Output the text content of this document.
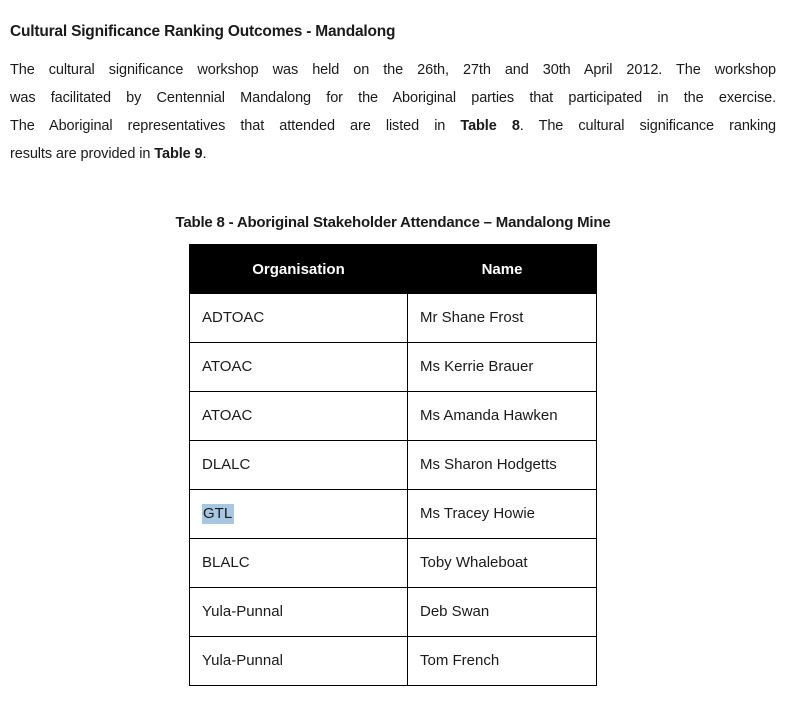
Cultural Significance Ranking Outcomes - Mandalong
The cultural significance workshop was held on the 26th, 27th and 30th April 2012. The workshop
was facilitated by Centennial Mandalong for the Aboriginal parties that participated in the exercise.
The Aboriginal representatives that attended are listed in Table 8. The cultural significance ranking
results are provided in Table 9.
Table 8 - Aboriginal Stakeholder Attendance – Mandalong Mine
Organisation	Name
ADTOAC	Mr Shane Frost
ATOAC	Ms Kerrie Brauer
ATOAC	Ms Amanda Hawken
DLALC	Ms Sharon Hodgetts
GTL	Ms Tracey Howie
BLALC	Toby Whaleboat
Yula-Punnal	Deb Swan
Yula-Punnal	Tom French
